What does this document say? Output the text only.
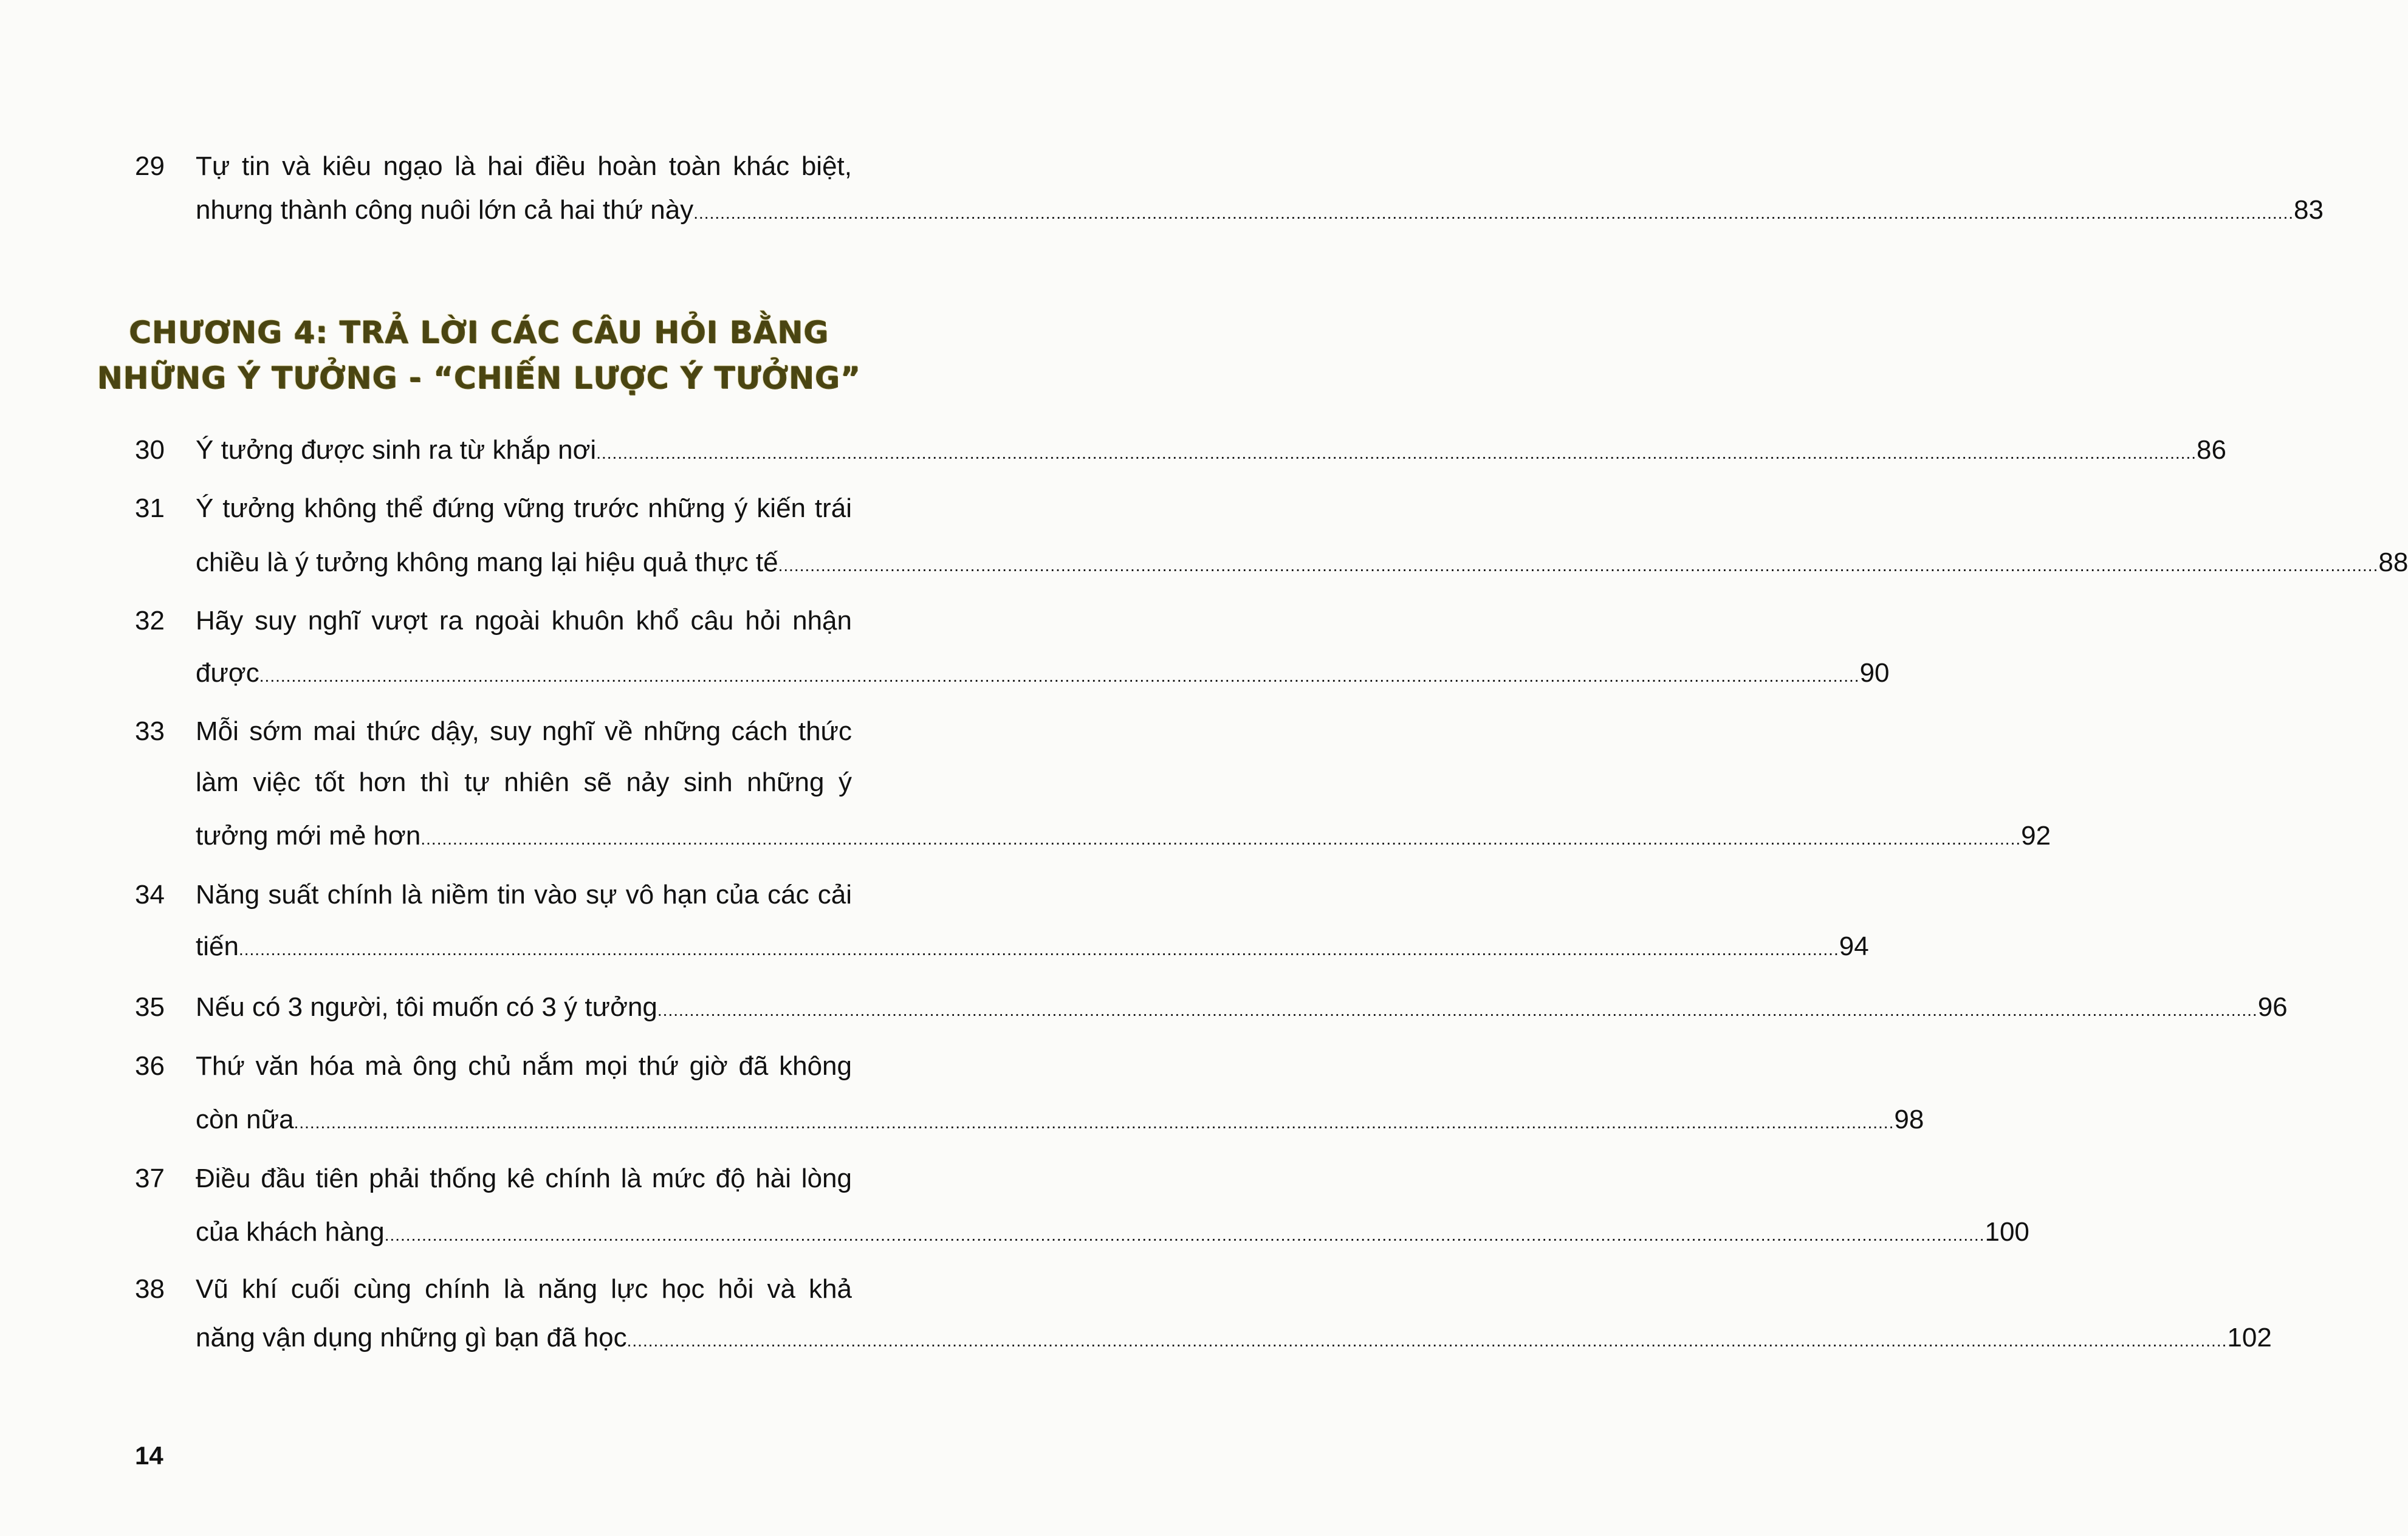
CHƯƠNG 4: TRẢ LỜI CÁC CÂU HỎI BẰNG
NHỮNG Ý TƯỞNG - “CHIẾN LƯỢC Ý TƯỞNG”
29 Tự tin và kiêu ngạo là hai điều hoàn toàn khác biệt,
nhưng thành công nuôi lớn cả hai thứ này ............................................................................................................................................................................................................................................................................................................ 83
30 Ý tưởng được sinh ra từ khắp nơi ............................................................................................................................................................................................................................................................................................................ 86
31 Ý tưởng không thể đứng vững trước những ý kiến trái
chiều là ý tưởng không mang lại hiệu quả thực tế ............................................................................................................................................................................................................................................................................................................ 88
32 Hãy suy nghĩ vượt ra ngoài khuôn khổ câu hỏi nhận
được ............................................................................................................................................................................................................................................................................................................ 90
33 Mỗi sớm mai thức dậy, suy nghĩ về những cách thức
làm việc tốt hơn thì tự nhiên sẽ nảy sinh những ý
tưởng mới mẻ hơn ............................................................................................................................................................................................................................................................................................................ 92
34 Năng suất chính là niềm tin vào sự vô hạn của các cải
tiến ............................................................................................................................................................................................................................................................................................................ 94
35 Nếu có 3 người, tôi muốn có 3 ý tưởng ............................................................................................................................................................................................................................................................................................................ 96
36 Thứ văn hóa mà ông chủ nắm mọi thứ giờ đã không
còn nữa ............................................................................................................................................................................................................................................................................................................ 98
37 Điều đầu tiên phải thống kê chính là mức độ hài lòng
của khách hàng ............................................................................................................................................................................................................................................................................................................ 100
38 Vũ khí cuối cùng chính là năng lực học hỏi và khả
năng vận dụng những gì bạn đã học ............................................................................................................................................................................................................................................................................................................ 102
14
